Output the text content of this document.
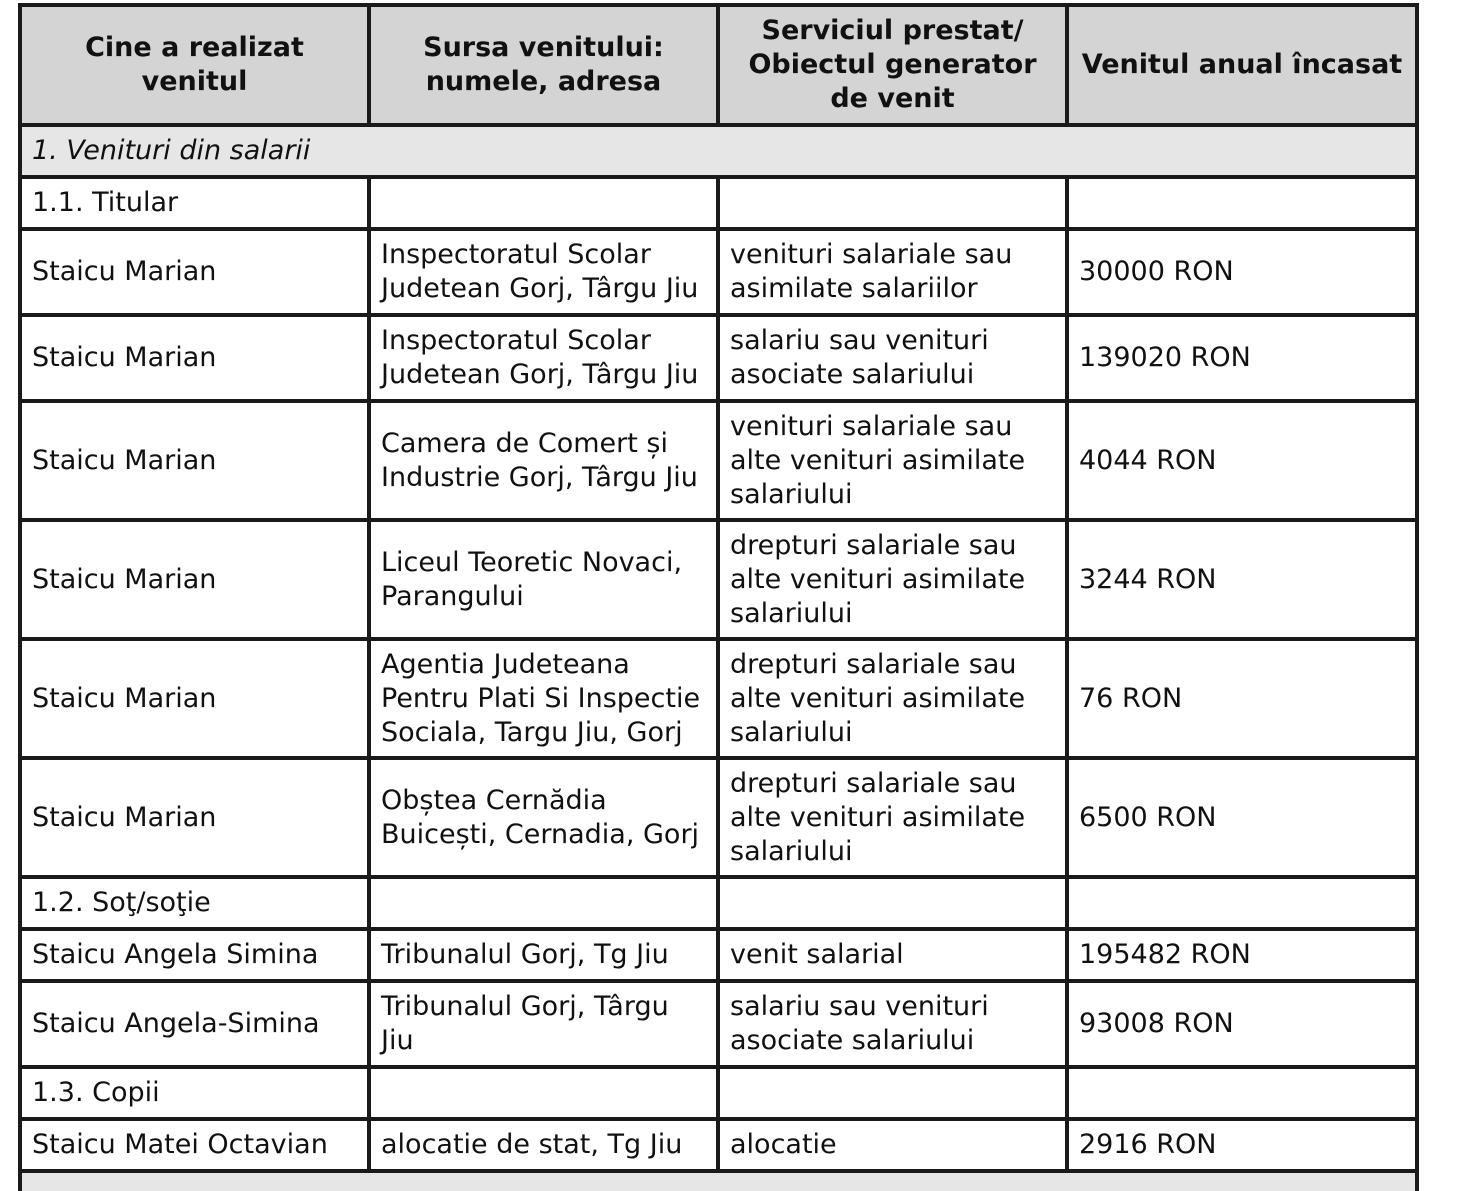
Cine a realizat venitul	Sursa venitului: numele, adresa	Serviciul prestat/ Obiectul generator de venit	Venitul anual încasat
1. Venituri din salarii			
1.1. Titular			
Staicu Marian	Inspectoratul Scolar Judetean Gorj, Târgu Jiu	venituri salariale sau asimilate salariilor	30000 RON
Staicu Marian	Inspectoratul Scolar Judetean Gorj, Târgu Jiu	salariu sau venituri asociate salariului	139020 RON
Staicu Marian	Camera de Comert și Industrie Gorj, Târgu Jiu	venituri salariale sau alte venituri asimilate salariului	4044 RON
Staicu Marian	Liceul Teoretic Novaci, Parangului	drepturi salariale sau alte venituri asimilate salariului	3244 RON
Staicu Marian	Agentia Judeteana Pentru Plati Si Inspectie Sociala, Targu Jiu, Gorj	drepturi salariale sau alte venituri asimilate salariului	76 RON
Staicu Marian	Obștea Cernădia Buicești, Cernadia, Gorj	drepturi salariale sau alte venituri asimilate salariului	6500 RON
1.2. Soţ/soţie			
Staicu Angela Simina	Tribunalul Gorj, Tg Jiu	venit salarial	195482 RON
Staicu Angela-Simina	Tribunalul Gorj, Târgu Jiu	salariu sau venituri asociate salariului	93008 RON
1.3. Copii			
Staicu Matei Octavian	alocatie de stat, Tg Jiu	alocatie	2916 RON
